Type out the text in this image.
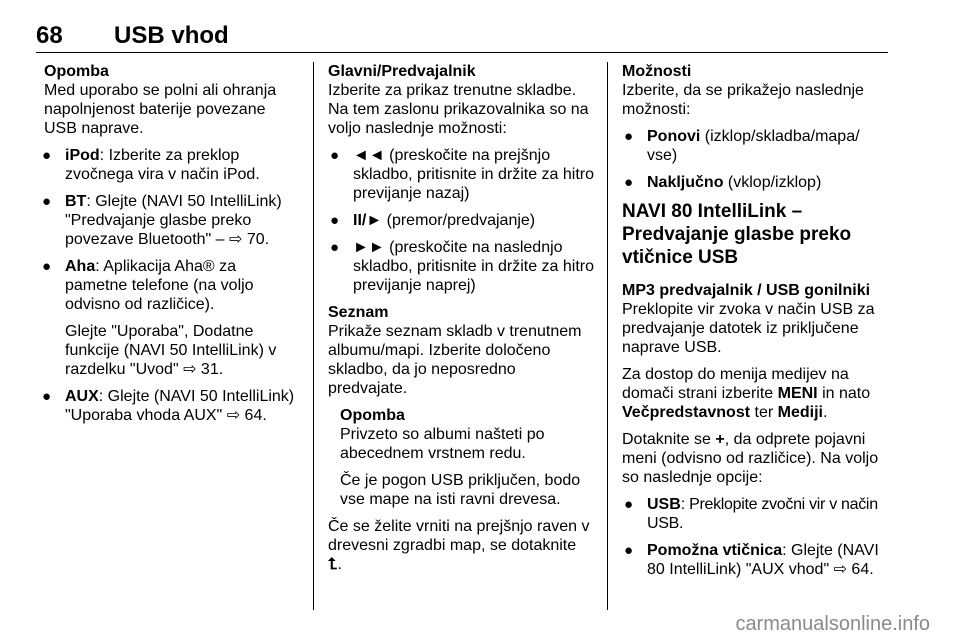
68 USB vhod
Opomba

Med uporabo se polni ali ohranja napolnjenost baterije povezane USB naprave.

● iPod: Izberite za preklop zvočnega vira v način iPod.
● BT: Glejte (NAVI 50 IntelliLink) "Predvajanje glasbe preko povezave Bluetooth" – ⇨ 70.
● Aha: Aplikacija Aha® za pametne telefone (na voljo odvisno od različice).

Glejte "Uporaba", Dodatne funkcije (NAVI 50 IntelliLink) v razdelku "Uvod" ⇨ 31.

● AUX: Glejte (NAVI 50 IntelliLink) "Uporaba vhoda AUX" ⇨ 64.
Glavni/Predvajalnik

Izberite za prikaz trenutne skladbe. Na tem zaslonu prikazovalnika so na voljo naslednje možnosti:

● ◄◄ (preskočite na prejšnjo skladbo, pritisnite in držite za hitro previjanje nazaj)
● II/► (premor/predvajanje)
● ►► (preskočite na naslednjo skladbo, pritisnite in držite za hitro previjanje naprej)
Seznam

Prikaže seznam skladb v trenutnem albumu/mapi. Izberite določeno skladbo, da jo neposredno predvajate.

Opomba

Privzeto so albumi našteti po abecednem vrstnem redu.

Če je pogon USB priključen, bodo vse mape na isti ravni drevesa.

Če se želite vrniti na prejšnjo raven v drevesni zgradbi map, se dotaknite
⮤.

Možnosti

Izberite, da se prikažejo naslednje možnosti:

● Ponovi (izklop/skladba/mapa/ vse)
● Naključno (vklop/izklop)
NAVI 80 IntelliLink – Predvajanje glasbe preko vtičnice USB
MP3 predvajalnik / USB gonilniki

Preklopite vir zvoka v način USB za predvajanje datotek iz priključene naprave USB.

Za dostop do menija medijev na domači strani izberite MENI in nato Večpredstavnost ter Mediji.

Dotaknite se +, da odprete pojavni meni (odvisno od različice). Na voljo so naslednje opcije:

● USB: Preklopite zvočni vir v način USB.
● Pomožna vtičnica: Glejte (NAVI 80 IntelliLink) "AUX vhod" ⇨ 64.
carmanualsonline.info
